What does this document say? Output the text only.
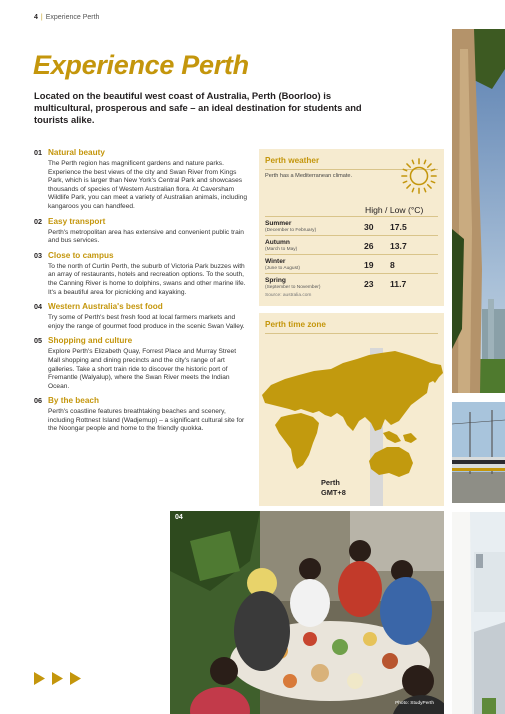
4 | Experience Perth
Experience Perth

Located on the beautiful west coast of Australia, Perth (Boorloo) is multicultural, prosperous and safe – an ideal destination for students and tourists alike.

01 Natural beauty

The Perth region has magnificent gardens and nature parks. Experience the best views of the city and Swan River from Kings Park, which is larger than New York's Central Park and showcases thousands of species of Western Australian flora. At Caversham Wildlife Park, you can meet a variety of Australian animals, including kangaroos you can handfeed.

02 Easy transport

Perth's metropolitan area has extensive and convenient public train and bus services.

03 Close to campus

To the north of Curtin Perth, the suburb of Victoria Park buzzes with an array of restaurants, hotels and recreation options. To the south, the Canning River is home to dolphins, swans and other marine life. It's a beautiful area for picnicking and kayaking.

04 Western Australia's best food

Try some of Perth's best fresh food at local farmers markets and enjoy the range of gourmet food produce in the scenic Swan Valley.

05 Shopping and culture

Explore Perth's Elizabeth Quay, Forrest Place and Murray Street Mall shopping and dining precincts and the city's range of art galleries. Take a short train ride to discover the historic port of Fremantle (Walyalup), where the Swan River meets the Indian Ocean.

06 By the beach

Perth's coastline features breathtaking beaches and scenery, including Rottnest Island (Wadjemup) – a significant cultural site for the Noongar people and home to the friendly quokka.

Perth weather
Perth has a Mediterranean climate.
High / Low (°C)
Summer
(December to February)	30 17.5
Autumn
(March to May)	26 13.7
Winter
(June to August)	19 8
Spring
(September to November)	23 11.7
Source: australia.com
Perth time zone
Perth
GMT+8
04
Photo: StudyPerth
